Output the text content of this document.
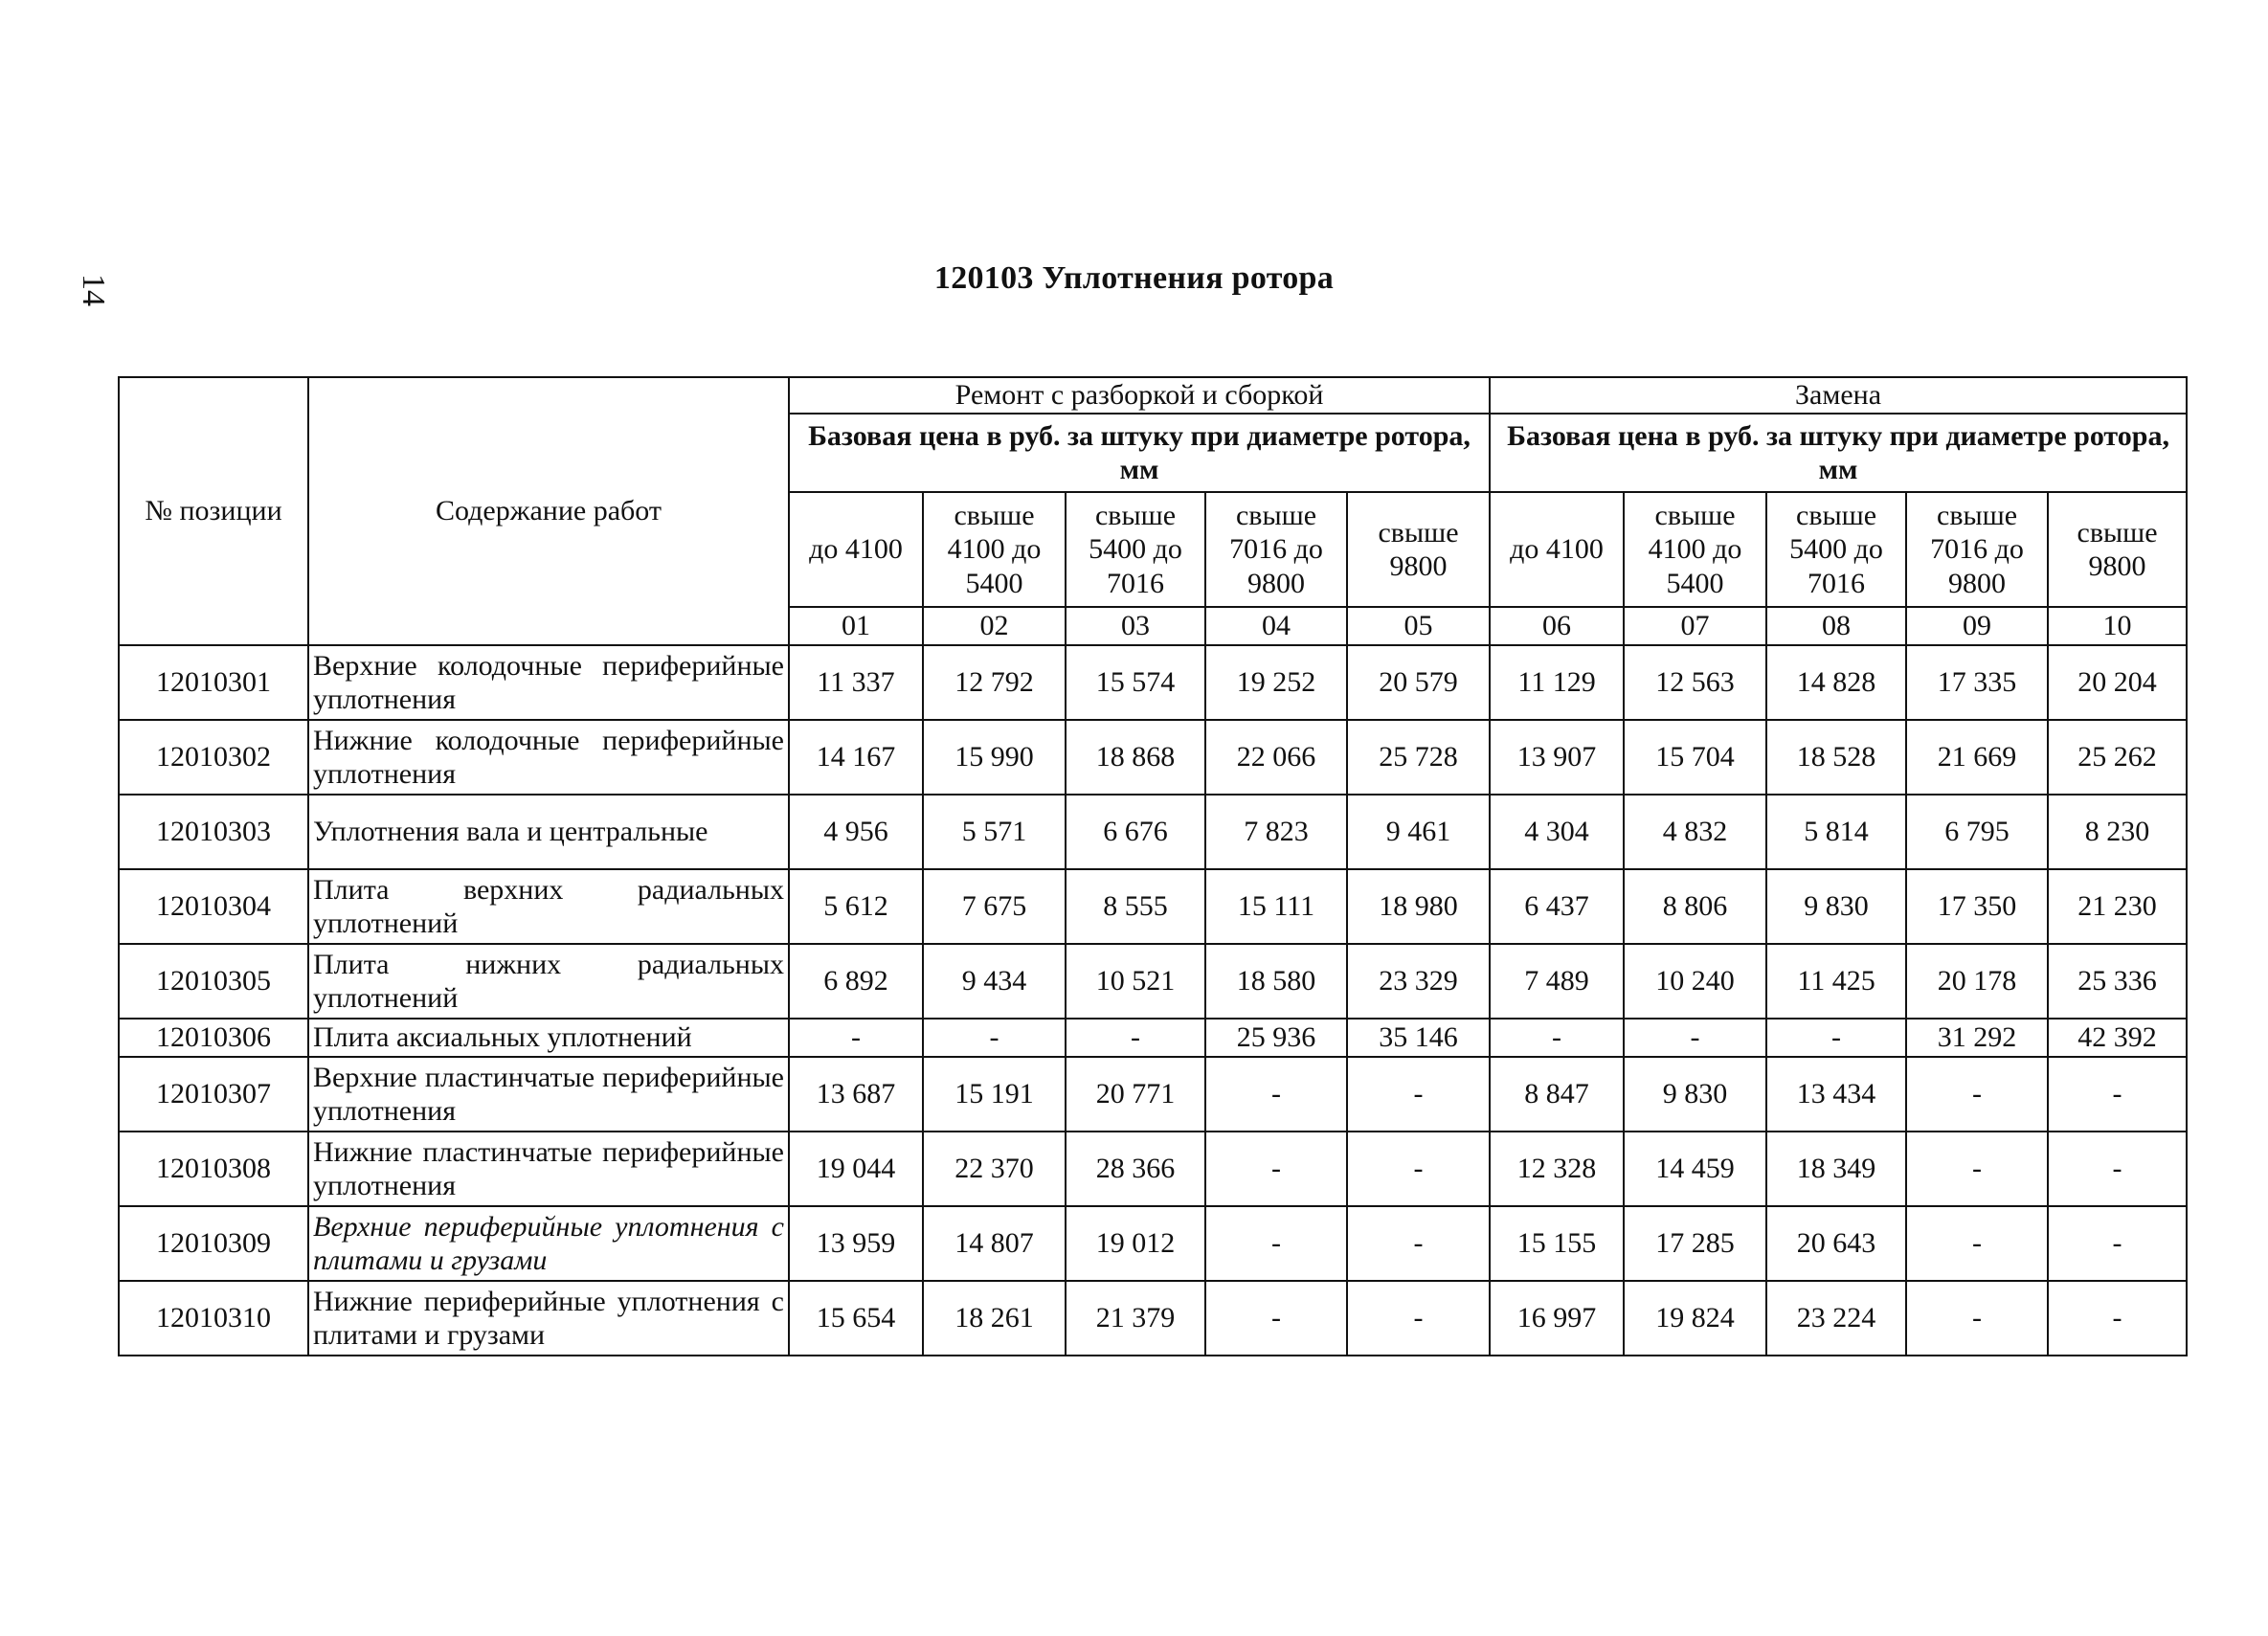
14	120103 Уплотнения ротора
№ позиции	Содержание работ	Ремонт с разборкой и сборкой					Замена				
		Базовая цена в руб. за штуку при диаметре ротора, мм					Базовая цена в руб. за штуку при диаметре ротора, мм				
		до 4100	свыше 4100 до 5400	свыше 5400 до 7016	свыше 7016 до 9800	свыше 9800	до 4100	свыше 4100 до 5400	свыше 5400 до 7016	свыше 7016 до 9800	свыше 9800
		01	02	03	04	05	06	07	08	09	10
12010301	Верхние колодочные периферийные уплотнения	11 337	12 792	15 574	19 252	20 579	11 129	12 563	14 828	17 335	20 204
12010302	Нижние колодочные периферийные уплотнения	14 167	15 990	18 868	22 066	25 728	13 907	15 704	18 528	21 669	25 262
12010303	Уплотнения вала и центральные	4 956	5 571	6 676	7 823	9 461	4 304	4 832	5 814	6 795	8 230
12010304	Плита верхних радиальных уплотнений	5 612	7 675	8 555	15 111	18 980	6 437	8 806	9 830	17 350	21 230
12010305	Плита нижних радиальных уплотнений	6 892	9 434	10 521	18 580	23 329	7 489	10 240	11 425	20 178	25 336
12010306	Плита аксиальных уплотнений	-	-	-	25 936	35 146	-	-	-	31 292	42 392
12010307	Верхние пластинчатые периферийные уплотнения	13 687	15 191	20 771	-	-	8 847	9 830	13 434	-	-
12010308	Нижние пластинчатые периферийные уплотнения	19 044	22 370	28 366	-	-	12 328	14 459	18 349	-	-
12010309	Верхние периферийные уплотнения с плитами и грузами	13 959	14 807	19 012	-	-	15 155	17 285	20 643	-	-
12010310	Нижние периферийные уплотнения с плитами и грузами	15 654	18 261	21 379	-	-	16 997	19 824	23 224	-	-
